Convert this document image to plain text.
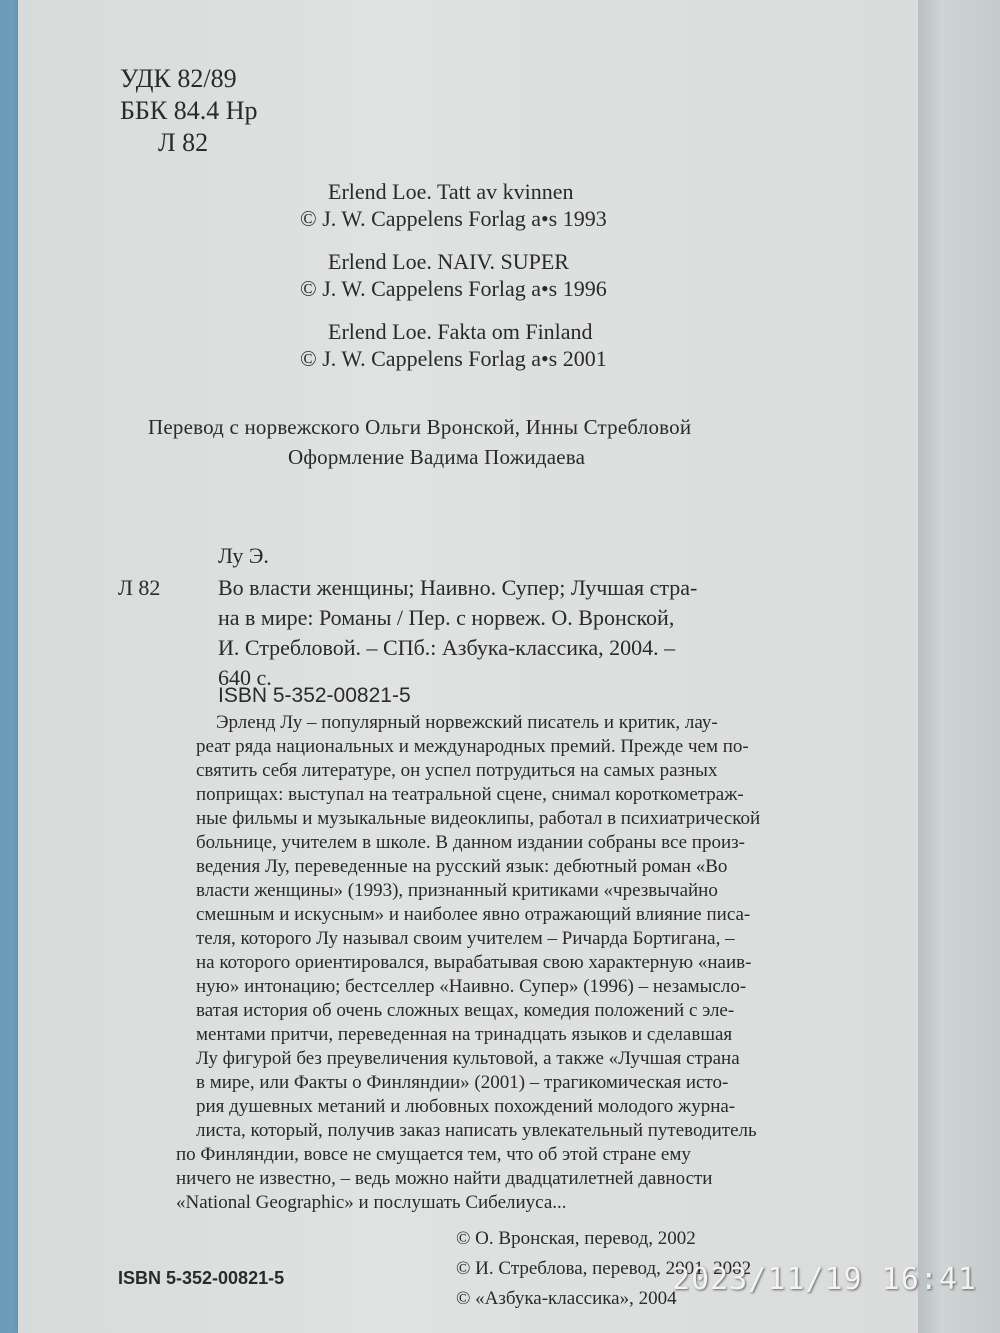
УДК 82/89
ББК 84.4 Нр
Л 82
Erlend Loe. Tatt av kvinnen
© J. W. Cappelens Forlag a•s 1993
Erlend Loe. NAIV. SUPER
© J. W. Cappelens Forlag a•s 1996
Erlend Loe. Fakta om Finland
© J. W. Cappelens Forlag a•s 2001
Перевод с норвежского Ольги Вронской, Инны Стребловой
Оформление Вадима Пожидаева
Лу Э.
Л 82	Во власти женщины; Наивно. Супер; Лучшая стра-
на в мире: Романы / Пер. с норвеж. О. Вронской,
И. Стребловой. – СПб.: Азбука-классика, 2004. –
640 с.
ISBN 5-352-00821-5
Эрленд Лу – популярный норвежский писатель и критик, лау-
реат ряда национальных и международных премий. Прежде чем по-
святить себя литературе, он успел потрудиться на самых разных
поприщах: выступал на театральной сцене, снимал короткометраж-
ные фильмы и музыкальные видеоклипы, работал в психиатрической
больнице, учителем в школе. В данном издании собраны все произ-
ведения Лу, переведенные на русский язык: дебютный роман «Во
власти женщины» (1993), признанный критиками «чрезвычайно
смешным и искусным» и наиболее явно отражающий влияние писа-
теля, которого Лу называл своим учителем – Ричарда Бортигана, –
на которого ориентировался, вырабатывая свою характерную «наив-
ную» интонацию; бестселлер «Наивно. Супер» (1996) – незамысло-
ватая история об очень сложных вещах, комедия положений с эле-
ментами притчи, переведенная на тринадцать языков и сделавшая
Лу фигурой без преувеличения культовой, а также «Лучшая страна
в мире, или Факты о Финляндии» (2001) – трагикомическая исто-
рия душевных метаний и любовных похождений молодого журна-
листа, который, получив заказ написать увлекательный путеводитель
по Финляндии, вовсе не смущается тем, что об этой стране ему
ничего не известно, – ведь можно найти двадцатилетней давности
«National Geographic» и послушать Сибелиуса...
ISBN 5-352-00821-5
© О. Вронская, перевод, 2002
© И. Стреблова, перевод, 2001, 2002
© «Азбука-классика», 2004
2023/11/19 16:41
